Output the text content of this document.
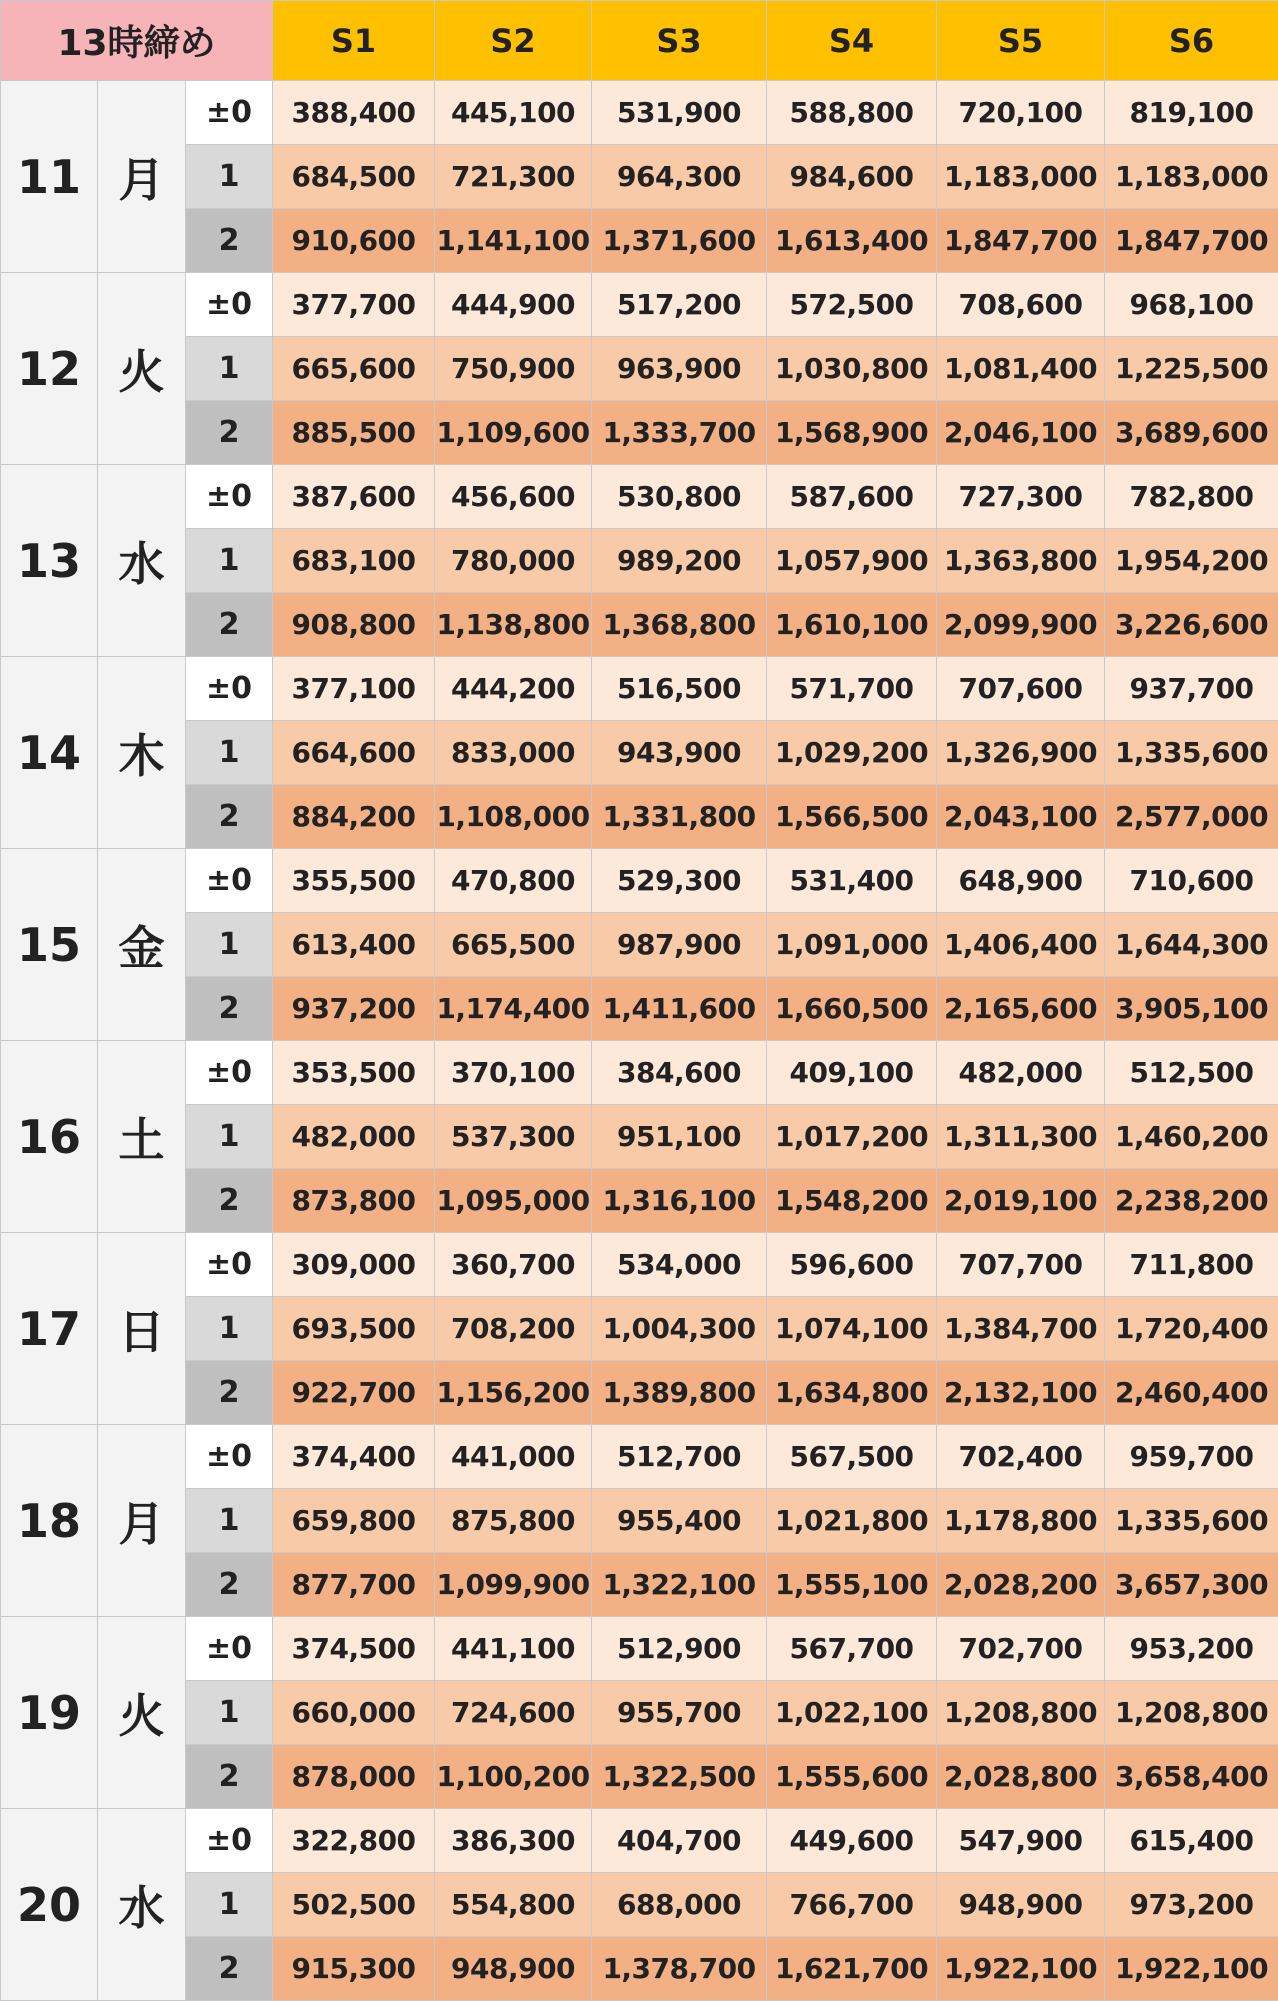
13時締め			S1	S2	S3	S4	S5	S6
11	月	±0	388,400	445,100	531,900	588,800	720,100	819,100
		1	684,500	721,300	964,300	984,600	1,183,000	1,183,000
		2	910,600	1,141,100	1,371,600	1,613,400	1,847,700	1,847,700
12	火	±0	377,700	444,900	517,200	572,500	708,600	968,100
		1	665,600	750,900	963,900	1,030,800	1,081,400	1,225,500
		2	885,500	1,109,600	1,333,700	1,568,900	2,046,100	3,689,600
13	水	±0	387,600	456,600	530,800	587,600	727,300	782,800
		1	683,100	780,000	989,200	1,057,900	1,363,800	1,954,200
		2	908,800	1,138,800	1,368,800	1,610,100	2,099,900	3,226,600
14	木	±0	377,100	444,200	516,500	571,700	707,600	937,700
		1	664,600	833,000	943,900	1,029,200	1,326,900	1,335,600
		2	884,200	1,108,000	1,331,800	1,566,500	2,043,100	2,577,000
15	金	±0	355,500	470,800	529,300	531,400	648,900	710,600
		1	613,400	665,500	987,900	1,091,000	1,406,400	1,644,300
		2	937,200	1,174,400	1,411,600	1,660,500	2,165,600	3,905,100
16	土	±0	353,500	370,100	384,600	409,100	482,000	512,500
		1	482,000	537,300	951,100	1,017,200	1,311,300	1,460,200
		2	873,800	1,095,000	1,316,100	1,548,200	2,019,100	2,238,200
17	日	±0	309,000	360,700	534,000	596,600	707,700	711,800
		1	693,500	708,200	1,004,300	1,074,100	1,384,700	1,720,400
		2	922,700	1,156,200	1,389,800	1,634,800	2,132,100	2,460,400
18	月	±0	374,400	441,000	512,700	567,500	702,400	959,700
		1	659,800	875,800	955,400	1,021,800	1,178,800	1,335,600
		2	877,700	1,099,900	1,322,100	1,555,100	2,028,200	3,657,300
19	火	±0	374,500	441,100	512,900	567,700	702,700	953,200
		1	660,000	724,600	955,700	1,022,100	1,208,800	1,208,800
		2	878,000	1,100,200	1,322,500	1,555,600	2,028,800	3,658,400
20	水	±0	322,800	386,300	404,700	449,600	547,900	615,400
		1	502,500	554,800	688,000	766,700	948,900	973,200
		2	915,300	948,900	1,378,700	1,621,700	1,922,100	1,922,100
